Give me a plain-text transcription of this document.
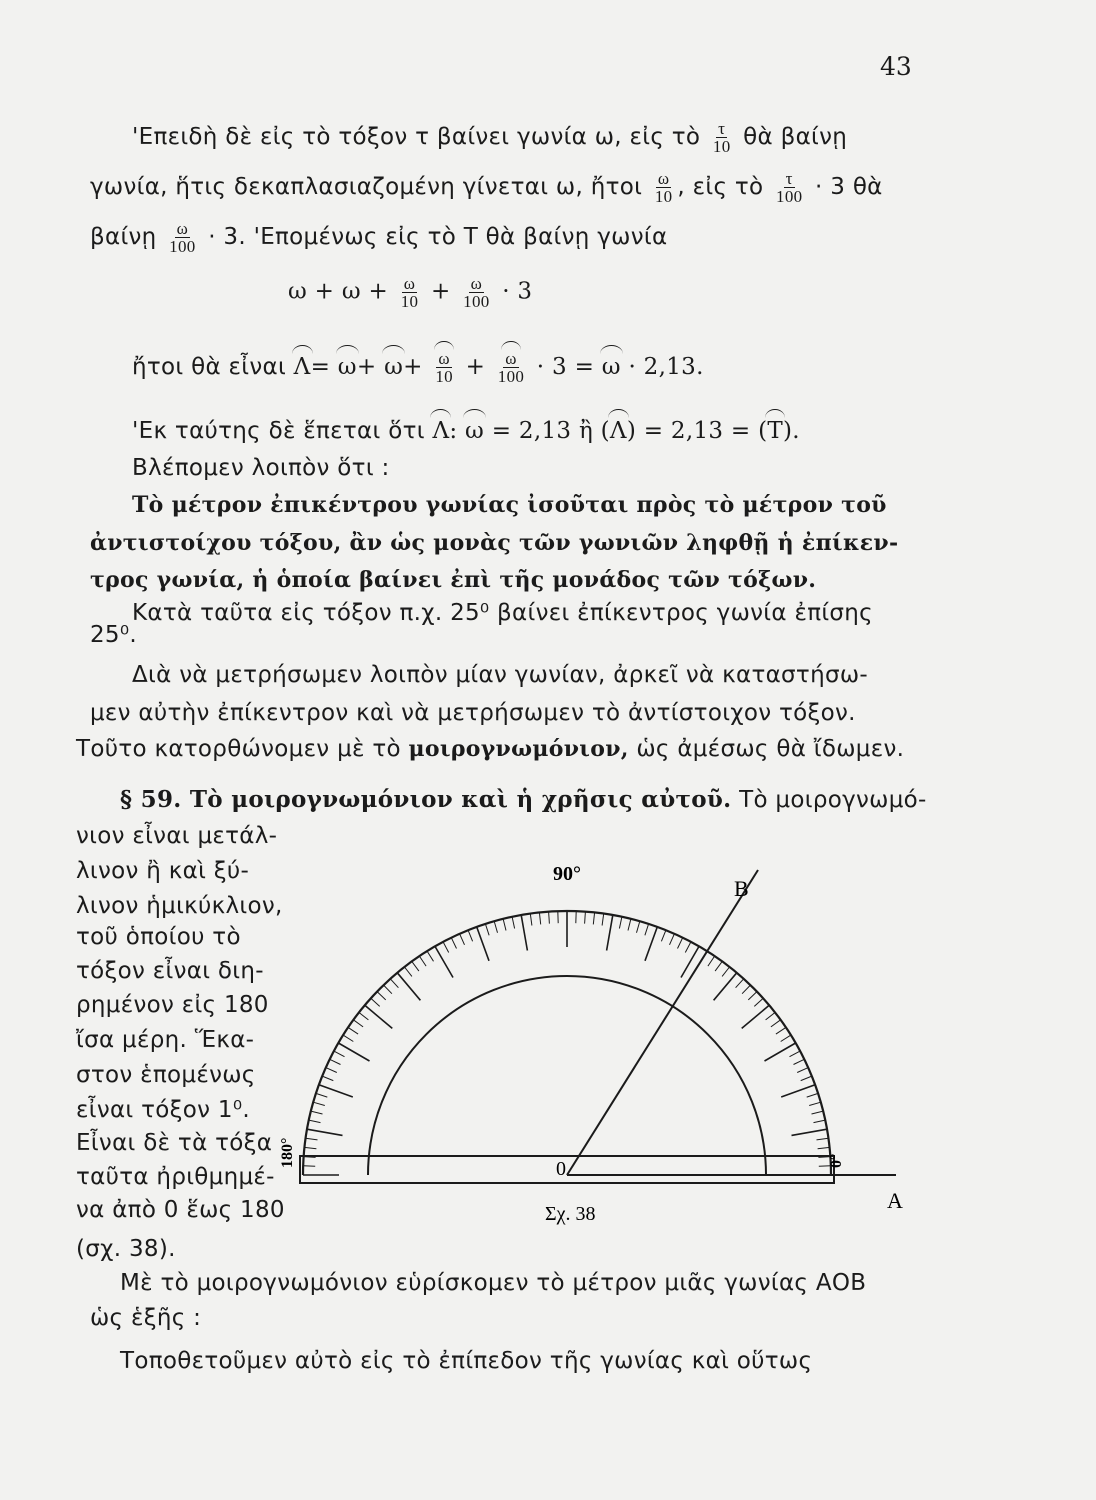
43
'Επειδὴ δὲ εἰς τὸ τόξον τ βαίνει γωνία ω, εἰς τὸ $\frac{\tau}{10}$ θὰ βαίνῃ
γωνία, ἥτις δεκαπλασιαζομένη γίνεται ω, ἤτοι $\frac{\omega}{10}$ , εἰς τὸ $\frac{\tau}{100} \cdot 3$ θὰ
βαίνῃ $\frac{\omega}{100} \cdot 3$. 'Επομένως εἰς τὸ Τ θὰ βαίνῃ γωνία
$\omega + \omega + \frac{\omega}{10} + \frac{\omega}{100} \cdot 3$
ἤτοι θὰ εἶναι $\Lambda= \omega+ \omega+ \frac{\omega}{10} + \frac{\omega}{100} \cdot 3 = \omega \cdot 2,13$.
'Εκ ταύτης δὲ ἕπεται ὅτι Λ: ω = 2,13 ἢ (Λ) = 2,13 = (Τ).
Βλέπομεν λοιπὸν ὅτι :
Τὸ μέτρον ἐπικέντρου γωνίας ἰσοῦται πρὸς τὸ μέτρον τοῦ
ἀντιστοίχου τόξου, ἂν ὡς μονὰς τῶν γωνιῶν ληφθῇ ἡ ἐπίκεν-
τρος γωνία, ἡ ὁποία βαίνει ἐπὶ τῆς μονάδος τῶν τόξων.
Κατὰ ταῦτα εἰς τόξον π.χ. 25⁰ βαίνει ἐπίκεντρος γωνία ἐπίσης
25⁰.
Διὰ νὰ μετρήσωμεν λοιπὸν μίαν γωνίαν, ἀρκεῖ νὰ καταστήσω-
μεν αὐτὴν ἐπίκεντρον καὶ νὰ μετρήσωμεν τὸ ἀντίστοιχον τόξον.
Τοῦτο κατορθώνομεν μὲ τὸ μοιρογνωμόνιον, ὡς ἀμέσως θὰ ἴδωμεν.
§ 59. Τὸ μοιρογνωμόνιον καὶ ἡ χρῆσις αὐτοῦ. Τὸ μοιρογνωμό-
νιον εἶναι μετάλ-
λινον ἢ καὶ ξύ-
λινον ἡμικύκλιον,
τοῦ ὁποίου τὸ
τόξον εἶναι διη-
ρημένον εἰς 180
ἴσα μέρη. Ἕκα-
στον ἑπομένως
εἶναι τόξον 1⁰.
Εἶναι δὲ τὰ τόξα
ταῦτα ἠριθμημέ-
να ἀπὸ 0 ἕως 180
(σχ. 38).
90°
180°	0°
0
Α
Β
Σχ. 38
Μὲ τὸ μοιρογνωμόνιον εὑρίσκομεν τὸ μέτρον μιᾶς γωνίας ΑΟΒ
ὡς ἑξῆς :
Τοποθετοῦμεν αὐτὸ εἰς τὸ ἐπίπεδον τῆς γωνίας καὶ οὕτως
